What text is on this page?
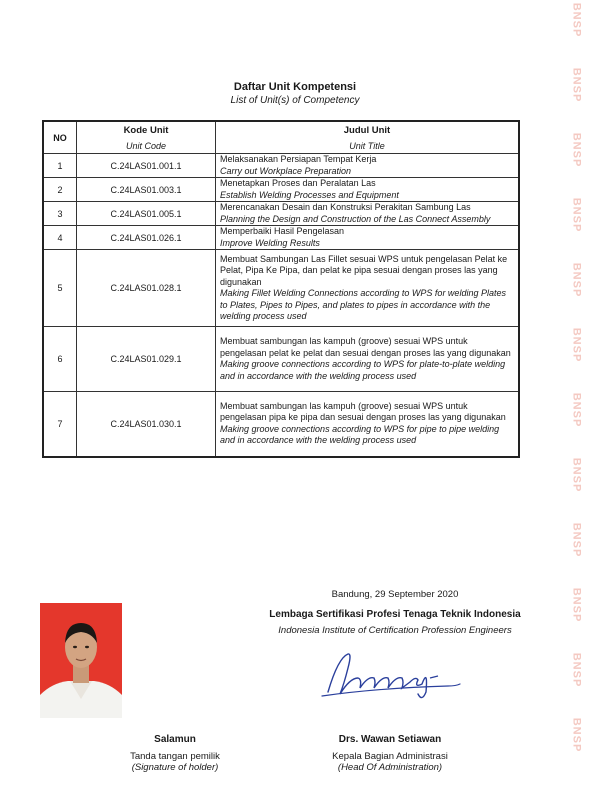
BNSP
BNSP
BNSP
BNSP
BNSP
BNSP
BNSP
BNSP
BNSP
BNSP
BNSP
BNSP
Daftar Unit Kompetensi
List of Unit(s) of Competency
NO	Kode Unit	Judul Unit
	Unit Code	Unit Title
1	C.24LAS01.001.1	Melaksanakan Persiapan Tempat Kerja
Carry out Workplace Preparation

2	C.24LAS01.003.1	Menetapkan Proses dan Peralatan Las
Establish Welding Processes and Equipment

3	C.24LAS01.005.1	Merencanakan Desain dan Konstruksi Perakitan Sambung Las
Planning the Design and Construction of the Las Connect Assembly

4	C.24LAS01.026.1	Memperbaiki Hasil Pengelasan
Improve Welding Results

5	C.24LAS01.028.1	Membuat Sambungan Las Fillet sesuai WPS untuk pengelasan Pelat ke Pelat, Pipa Ke Pipa, dan pelat ke pipa sesuai dengan proses las yang digunakan
Making Fillet Welding Connections according to WPS for welding Plates to Plates, Pipes to Pipes, and plates to pipes in accordance with the welding process used

6	C.24LAS01.029.1	Membuat sambungan las kampuh (groove) sesuai WPS untuk pengelasan pelat ke pelat dan sesuai dengan proses las yang digunakan
Making groove connections according to WPS for plate-to-plate welding and in accordance with the welding process used

7	C.24LAS01.030.1	Membuat sambungan las kampuh (groove) sesuai WPS untuk pengelasan pipa ke pipa dan sesuai dengan proses las yang digunakan
Making groove connections according to WPS for pipe to pipe welding and in accordance with the welding process used
Bandung, 29 September 2020
Lembaga Sertifikasi Profesi Tenaga Teknik Indonesia
Indonesia Institute of Certification Profession Engineers
Salamun
Tanda tangan pemilik
(Signature of holder)
Drs. Wawan Setiawan
Kepala Bagian Administrasi
(Head Of Administration)
